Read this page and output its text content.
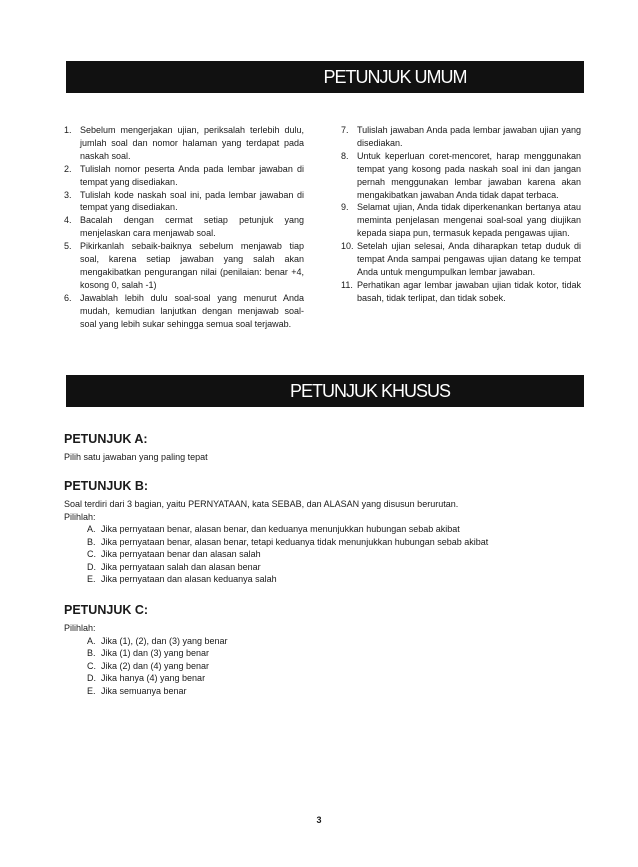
PETUNJUK UMUM
1. Sebelum mengerjakan ujian, periksalah terlebih dulu, jumlah soal dan nomor halaman yang terdapat pada naskah soal.
2. Tulislah nomor peserta Anda pada lembar jawaban di tempat yang disediakan.
3. Tulislah kode naskah soal ini, pada lembar jawaban di tempat yang disediakan.
4. Bacalah dengan cermat setiap petunjuk yang menjelaskan cara menjawab soal.
5. Pikirkanlah sebaik-baiknya sebelum menjawab tiap soal, karena setiap jawaban yang salah akan mengakibatkan pengurangan nilai (penilaian: benar +4, kosong 0, salah -1)
6. Jawablah lebih dulu soal-soal yang menurut Anda mudah, kemudian lanjutkan dengan menjawab soal-soal yang lebih sukar sehingga semua soal terjawab.
7. Tulislah jawaban Anda pada lembar jawaban ujian yang disediakan.
8. Untuk keperluan coret-mencoret, harap menggunakan tempat yang kosong pada naskah soal ini dan jangan pernah menggunakan lembar jawaban karena akan mengakibatkan jawaban Anda tidak dapat terbaca.
9. Selamat ujian, Anda tidak diperkenankan bertanya atau meminta penjelasan mengenai soal-soal yang diujikan kepada siapa pun, termasuk kepada pengawas ujian.
10. Setelah ujian selesai, Anda diharapkan tetap duduk di tempat Anda sampai pengawas ujian datang ke tempat Anda untuk mengumpulkan lembar jawaban.
11. Perhatikan agar lembar jawaban ujian tidak kotor, tidak basah, tidak terlipat, dan tidak sobek.
PETUNJUK KHUSUS
PETUNJUK A:

Pilih satu jawaban yang paling tepat

PETUNJUK B:

Soal terdiri dari 3 bagian, yaitu PERNYATAAN, kata SEBAB, dan ALASAN yang disusun berurutan.

Pilihlah:

A. Jika pernyataan benar, alasan benar, dan keduanya menunjukkan hubungan sebab akibat
B. Jika pernyataan benar, alasan benar, tetapi keduanya tidak menunjukkan hubungan sebab akibat
C. Jika pernyataan benar dan alasan salah
D. Jika pernyataan salah dan alasan benar
E. Jika pernyataan dan alasan keduanya salah
PETUNJUK C:

Pilihlah:

A. Jika (1), (2), dan (3) yang benar
B. Jika (1) dan (3) yang benar
C. Jika (2) dan (4) yang benar
D. Jika hanya (4) yang benar
E. Jika semuanya benar
3
